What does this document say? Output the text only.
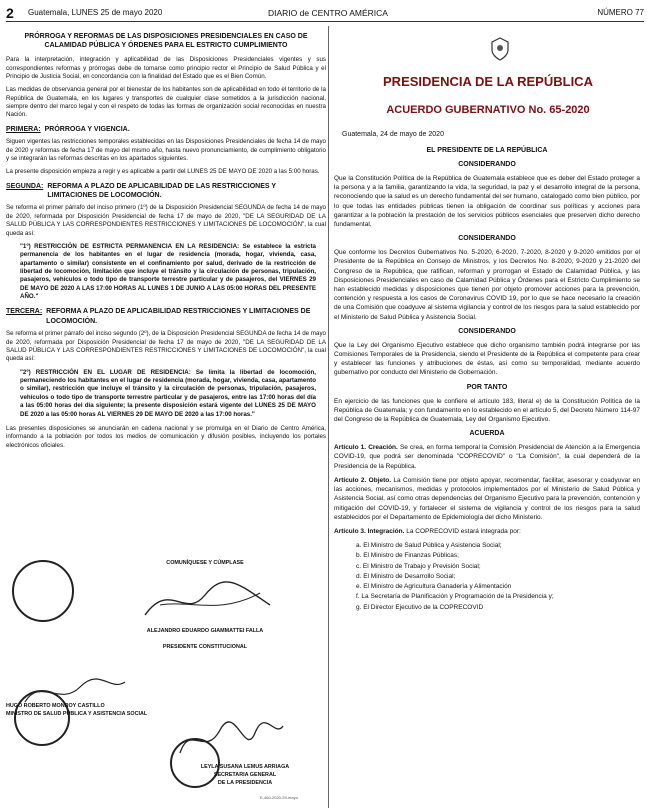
2	Guatemala, LUNES 25 de mayo 2020	DIARIO de CENTRO AMÉRICA	NÚMERO 77
PRÓRROGA Y REFORMAS DE LAS DISPOSICIONES PRESIDENCIALES EN CASO DE CALAMIDAD PÚBLICA Y ÓRDENES PARA EL ESTRICTO CUMPLIMIENTO

Para la interpretación, integración y aplicabilidad de las Disposiciones Presidenciales vigentes y sus correspondientes reformas y prórrogas debe de tomarse como principio rector el Principio de Salud Pública y el Principio de Justicia Social, en concordancia con la finalidad del Estado que es el Bien Común.

Las medidas de observancia general por el bienestar de los habitantes son de aplicabilidad en todo el territorio de la República de Guatemala, en los lugares y transportes de cualquier clase sometidos a la jurisdicción nacional, siempre dentro del marco legal y con el respeto de todas las formas de organización social reconocidas en nuestra Nación.

PRIMERA: PRÓRROGA Y VIGENCIA.

Siguen vigentes las restricciones temporales establecidas en las Disposiciones Presidenciales de fecha 14 de mayo de 2020 y reformas de fecha 17 de mayo del mismo año, hasta nuevo pronunciamiento, de cumplimiento obligatorio y se integrarán las reformas descritas en los apartados siguientes.

La presente disposición empieza a regir y es aplicable a partir del LUNES 25 DE MAYO DE 2020 a las 5:00 horas.

SEGUNDA: REFORMA A PLAZO DE APLICABILIDAD DE LAS RESTRICCIONES Y LIMITACIONES DE LOCOMOCIÓN.

Se reforma el primer párrafo del inciso primero (1º) de la Disposición Presidencial SEGUNDA de fecha 14 de mayo de 2020, reformada por Disposición Presidencial de fecha 17 de mayo de 2020, "DE LA SEGURIDAD DE LA SALUD PÚBLICA Y LAS CORRESPONDIENTES RESTRICCIONES Y LIMITACIONES DE LOCOMOCIÓN", la cual queda así:

"1º) RESTRICCIÓN DE ESTRICTA PERMANENCIA EN LA RESIDENCIA: Se establece la estricta permanencia de los habitantes en el lugar de residencia (morada, hogar, vivienda, casa, apartamento o similar) consistente en el confinamiento por salud, derivado de la restricción de libertad de locomoción, limitación que incluye el tránsito y la circulación de personas, tripulación, pasajeros, vehículos o todo tipo de transporte terrestre particular y de pasajeros, del VIERNES 29 DE MAYO DE 2020 A LAS 17:00 HORAS AL LUNES 1 DE JUNIO A LAS 05:00 HORAS DEL PRESENTE AÑO."

TERCERA: REFORMA A PLAZO DE APLICABILIDAD RESTRICCIONES Y LIMITACIONES DE LOCOMOCIÓN.

Se reforma el primer párrafo del inciso segundo (2º), de la Disposición Presidencial SEGUNDA de fecha 14 de mayo de 2020, reformada por Disposición Presidencial de fecha 17 de mayo de 2020, "DE LA SEGURIDAD DE LA SALUD PÚBLICA Y LAS CORRESPONDIENTES RESTRICCIONES Y LIMITACIONES DE LOCOMOCIÓN", la cual queda así:

"2º) RESTRICCIÓN EN EL LUGAR DE RESIDENCIA: Se limita la libertad de locomoción, permaneciendo los habitantes en el lugar de residencia (morada, hogar, vivienda, casa, apartamento o similar), restricción que incluye el tránsito y la circulación de personas, tripulación, pasajeros, vehículos o todo tipo de transporte terrestre particular y de pasajeros, entre las 17:00 horas del día a las 05:00 horas del día siguiente; la presente disposición estará vigente del LUNES 25 DE MAYO DE 2020 a las 05:00 horas AL VIERNES 29 DE MAYO DE 2020 a las 17:00 horas."

Las presentes disposiciones se anunciarán en cadena nacional y se promulga en el Diario de Centro América, informando a la población por todos los medios de comunicación y difusión posibles, incluyendo los portales electrónicos oficiales.

COMUNÍQUESE Y CÚMPLASE
ALEJANDRO EDUARDO GIAMMATTEI FALLA
PRESIDENTE CONSTITUCIONAL
HUGO ROBERTO MONROY CASTILLO
MINISTRO DE SALUD PÚBLICA Y ASISTENCIA SOCIAL
LEYLA SUSANA LEMUS ARRIAGA
SECRETARIA GENERAL
DE LA PRESIDENCIA
E-460-2020-25-mayo
PRESIDENCIA DE LA REPÚBLICA
ACUERDO GUBERNATIVO No. 65-2020
Guatemala, 24 de mayo de 2020
EL PRESIDENTE DE LA REPÚBLICA
CONSIDERANDO

Que la Constitución Política de la República de Guatemala establece que es deber del Estado proteger a la persona y a la familia, garantizando la vida, la seguridad, la paz y el desarrollo integral de la persona, reconociendo que la salud es un derecho fundamental del ser humano, catalogado como bien público, por lo que todas las entidades públicas tienen la obligación de coordinar sus políticas y acciones para garantizar a la población la prestación de los servicios públicos esenciales que preserven dicho derecho fundamental.

CONSIDERANDO

Que conforme los Decretos Gubernativos No. 5-2020, 6-2020, 7-2020, 8-2020 y 9-2020 emitidos por el Presidente de la República en Consejo de Ministros, y los Decretos No. 8-2020, 9-2020 y 21-2020 del Congreso de la República, que ratifican, reforman y prorrogan el Estado de Calamidad Pública, y las Disposiciones Presidenciales en caso de Calamidad Pública y Órdenes para el Estricto Cumplimiento se han establecido medidas y disposiciones que tienen por objeto promover acciones para la prevención, contención y respuesta a los casos de Coronavirus COVID 19, por lo que se hace necesario la creación de una Comisión que coadyuve al sistema vigilancia y control de los riesgos para la salud establecido por el Ministerio de Salud Pública y Asistencia Social.

CONSIDERANDO

Que la Ley del Organismo Ejecutivo establece que dicho organismo también podrá integrarse por las Comisiones Temporales de la Presidencia, siendo el Presidente de la República el competente para crear y establecer las funciones y atribuciones de éstas, así como su temporalidad, mediante acuerdo gubernativo por conducto del Ministerio de Gobernación.

POR TANTO

En ejercicio de las funciones que le confiere el artículo 183, literal e) de la Constitución Política de la República de Guatemala; y con fundamento en lo establecido en el artículo 5, del Decreto Número 114-97 del Congreso de la República de Guatemala, Ley del Organismo Ejecutivo.

ACUERDA

Artículo 1. Creación. Se crea, en forma temporal la Comisión Presidencial de Atención a la Emergencia COVID-19, que podrá ser denominada "COPRECOVID" o "La Comisión", la cual dependerá de la Presidencia de la República.

Artículo 2. Objeto. La Comisión tiene por objeto apoyar, recomendar, facilitar, asesorar y coadyuvar en las acciones, mecanismos, medidas y protocolos implementados por el Ministerio de Salud Pública y Asistencia Social, así como otras dependencias del Organismo Ejecutivo para la prevención, contención y mitigación del COVID-19, y fortalecer el sistema de vigilancia y control de los riesgos para la salud establecidos por el Departamento de Epidemiología del dicho Ministerio.

Artículo 3. Integración. La COPRECOVID estará integrada por:

a. El Ministro de Salud Pública y Asistencia Social;
b. El Ministro de Finanzas Públicas;
c. El Ministro de Trabajo y Previsión Social;
d. El Ministro de Desarrollo Social;
e. El Ministro de Agricultura Ganadería y Alimentación
f. La Secretaría de Planificación y Programación de la Presidencia y;
g. El Director Ejecutivo de la COPRECOVID
